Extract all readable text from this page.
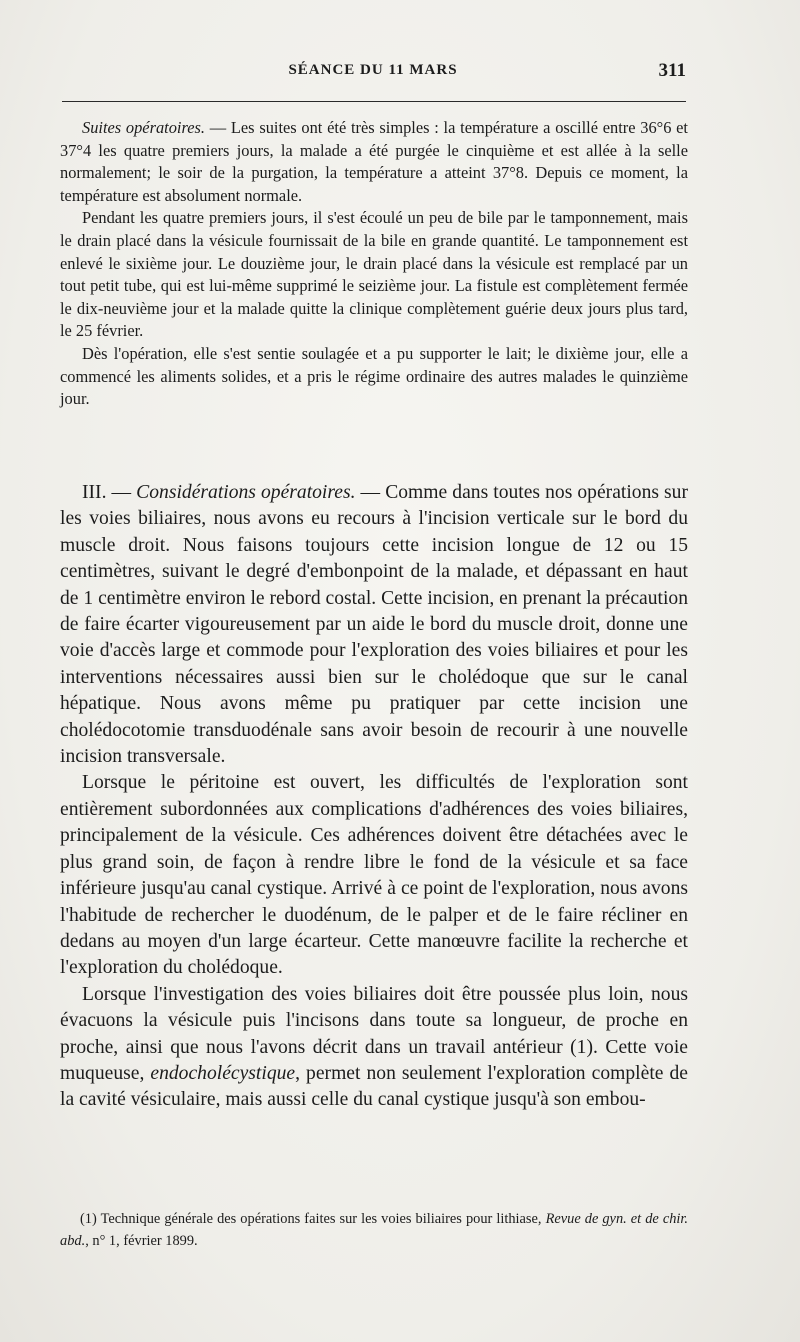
SÉANCE DU 11 MARS	311

Suites opératoires. — Les suites ont été très simples : la température a oscillé entre 36°6 et 37°4 les quatre premiers jours, la malade a été purgée le cinquième et est allée à la selle normalement; le soir de la purgation, la température a atteint 37°8. Depuis ce moment, la température est absolument normale.

Pendant les quatre premiers jours, il s'est écoulé un peu de bile par le tamponnement, mais le drain placé dans la vésicule fournissait de la bile en grande quantité. Le tamponnement est enlevé le sixième jour. Le douzième jour, le drain placé dans la vésicule est remplacé par un tout petit tube, qui est lui-même supprimé le seizième jour. La fistule est complètement fermée le dix-neuvième jour et la malade quitte la clinique complètement guérie deux jours plus tard, le 25 février.

Dès l'opération, elle s'est sentie soulagée et a pu supporter le lait; le dixième jour, elle a commencé les aliments solides, et a pris le régime ordinaire des autres malades le quinzième jour.

III. — Considérations opératoires. — Comme dans toutes nos opérations sur les voies biliaires, nous avons eu recours à l'incision verticale sur le bord du muscle droit. Nous faisons toujours cette incision longue de 12 ou 15 centimètres, suivant le degré d'embonpoint de la malade, et dépassant en haut de 1 centimètre environ le rebord costal. Cette incision, en prenant la précaution de faire écarter vigoureusement par un aide le bord du muscle droit, donne une voie d'accès large et commode pour l'exploration des voies biliaires et pour les interventions nécessaires aussi bien sur le cholédoque que sur le canal hépatique. Nous avons même pu pratiquer par cette incision une cholédocotomie transduodénale sans avoir besoin de recourir à une nouvelle incision transversale.

Lorsque le péritoine est ouvert, les difficultés de l'exploration sont entièrement subordonnées aux complications d'adhérences des voies biliaires, principalement de la vésicule. Ces adhérences doivent être détachées avec le plus grand soin, de façon à rendre libre le fond de la vésicule et sa face inférieure jusqu'au canal cystique. Arrivé à ce point de l'exploration, nous avons l'habitude de rechercher le duodénum, de le palper et de le faire récliner en dedans au moyen d'un large écarteur. Cette manœuvre facilite la recherche et l'exploration du cholédoque.

Lorsque l'investigation des voies biliaires doit être poussée plus loin, nous évacuons la vésicule puis l'incisons dans toute sa longueur, de proche en proche, ainsi que nous l'avons décrit dans un travail antérieur (1). Cette voie muqueuse, endocholécystique, permet non seulement l'exploration complète de la cavité vésiculaire, mais aussi celle du canal cystique jusqu'à son embou-

(1) Technique générale des opérations faites sur les voies biliaires pour lithiase, Revue de gyn. et de chir. abd., n° 1, février 1899.
